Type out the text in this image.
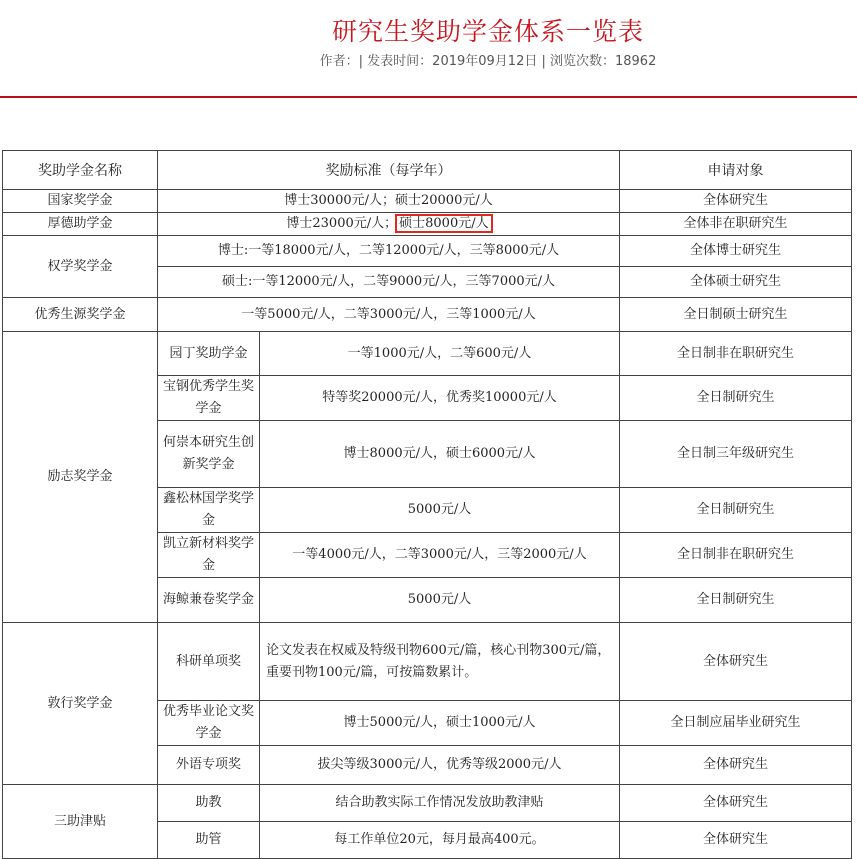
研究生奖助学金体系一览表
作者：| 发表时间：2019年09月12日 | 浏览次数：18962
奖助学金名称	奖励标准（每学年）		申请对象
国家奖学金	博士30000元/人；硕士20000元/人		全体研究生
厚德助学金	博士23000元/人； 硕士8000元/人		全体非在职研究生
权学奖学金	博士:一等18000元/人，二等12000元/人，三等8000元/人		全体博士研究生
	硕士:一等12000元/人，二等9000元/人，三等7000元/人		全体硕士研究生
优秀生源奖学金	一等5000元/人，二等3000元/人，三等1000元/人		全日制硕士研究生
励志奖学金	园丁奖助学金	一等1000元/人，二等600元/人	全日制非在职研究生
	宝钢优秀学生奖学金	特等奖20000元/人，优秀奖10000元/人	全日制研究生
	何崇本研究生创新奖学金	博士8000元/人，硕士6000元/人	全日制三年级研究生
	鑫松林国学奖学金	5000元/人	全日制研究生
	凯立新材料奖学金	一等4000元/人，二等3000元/人，三等2000元/人	全日制非在职研究生
	海鲸兼卷奖学金	5000元/人	全日制研究生
敦行奖学金	科研单项奖	论文发表在权威及特级刊物600元/篇，核心刊物300元/篇，重要刊物100元/篇，可按篇数累计。	全体研究生
	优秀毕业论文奖学金	博士5000元/人，硕士1000元/人	全日制应届毕业研究生
	外语专项奖	拔尖等级3000元/人，优秀等级2000元/人	全体研究生
三助津贴	助教	结合助教实际工作情况发放助教津贴	全体研究生
	助管	每工作单位20元，每月最高400元。	全体研究生
